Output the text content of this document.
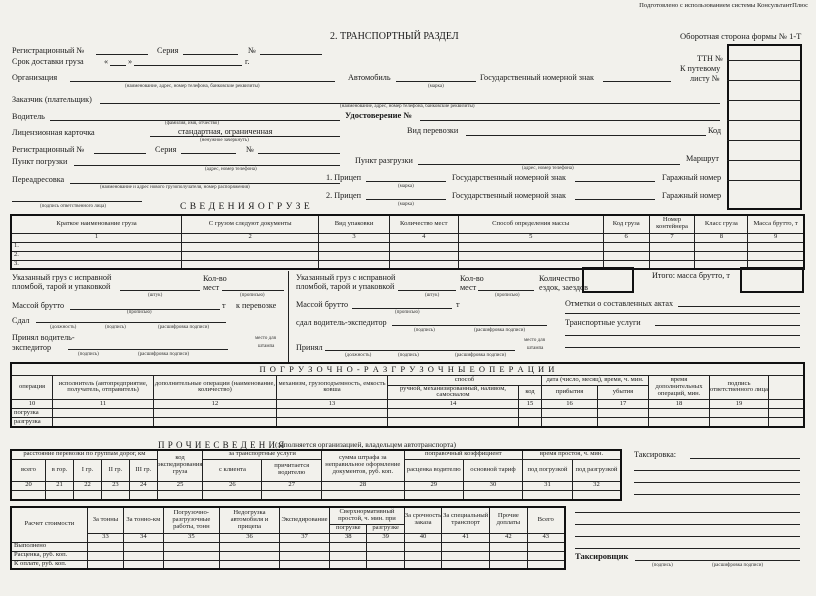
Подготовлено с использованием системы КонсультантПлюс
2. ТРАНСПОРТНЫЙ РАЗДЕЛ	Оборотная сторона формы № 1-Т
Регистрационный №	Серия	№
Срок доставки груза « »	г.	ТТН №
К путевому
листу №
Организация
(наименование, адрес, номер телефона, банковские реквизиты)
Автомобиль
(марка)
Государственный номерной знак
Заказчик (плательщик)
(наименование, адрес, номер телефона, банковские реквизиты)
Водитель
(фамилия, имя, отчество)
Удостоверение №
Лицензионная карточка	стандартная, ограниченная
(ненужное зачеркнуть)
Вид перевозки	Код
Регистрационный №	Серия	№
Пункт погрузки
(адрес, номер телефона)
Пункт разгрузки
(адрес, номер телефона)
Маршрут
Переадресовка
(наименование и адрес нового грузополучателя, номер распоряжения)
1. Прицеп
(марка)
Государственный номерной знак	Гаражный номер
(подпись ответственного лица)
2. Прицеп
(марка)
Государственный номерной знак	Гаражный номер
С В Е Д Е Н И Я О Г Р У З Е
Краткое наименование груза	С грузом следуют документы	Вид упаковки	Количество мест	Способ определения массы	Код груза	Номер контейнера	Класс груза	Масса брутто, т
1	2	3	4	5	6	7	8	9
1.								
2.								
3.								
Указанный груз с исправной
пломбой, тарой и упаковкой
(штук)
Кол-во
мест
(прописью)
Массой брутто
(прописью)
т к перевозке
Сдал
(должность)	(подпись)	(расшифровка подписи)
Принял водитель-
экспедитор
(подпись)	(расшифровка подписи)
место для
штампа
Указанный груз с исправной
пломбой, тарой и упаковкой
(штук)
Кол-во
мест
(прописью)
Количество
ездок, заездов
Массой брутто
(прописью)
т
сдал водитель-экспедитор
(подпись)	(расшифровка подписи)
Принял
(должность)	(подпись)	(расшифровка подписи)
место для
штампа
Итого: масса брутто, т
Отметки о составленных актах
Транспортные услуги
П О Г Р У З О Ч Н О - Р А З Г Р У З О Ч Н Ы Е О П Е Р А Ц И И										
операция	исполнитель (автопредприятие, получатель, отправитель)	дополнительные операции (наименование, количество)	механизм, грузоподъемность, емкость ковша	способ		дата (число, месяц), время, ч. мин.		время дополнительных операций, мин.	подпись ответственного лица	
				ручной, механизированный, наливом, самосвалом	код	прибытия	убытия			
10	11	12	13	14	15	16	17	18	19	
погрузка										
разгрузка										
П Р О Ч И Е С В Е Д Е Н И Я
(заполняется организацией, владельцем автотранспорта)
расстояние перевозки по группам дорог, км					код экспедирования груза	за транспортные услуги		сумма штрафа за неправильное оформление документов, руб. коп.	поправочный коэффициент		время простоя, ч. мин.	
всего	в гор.	I гр.	II гр.	III гр.		с клиента	причитается водителю		расценка водителю	основной тариф	под погрузкой	под разгрузкой
20	21	22	23	24	25	26	27	28	29	30	31	32

Таксировка:
Расчет стоимости	За тонны	За тонно-км	Погрузочно-разгрузочные работы, тонн	Недогрузка автомобиля и прицепа	Экспедирование	Сверхнормативный простой, ч. мин. при		За срочность заказа	За специальный транспорт	Прочие доплаты	Всего
						погрузке	разгрузке				
	33	34	35	36	37	38	39	40	41	42	43
Выполнено											
Расценка, руб. коп.											
К оплате, руб. коп.											
Таксировщик
(подпись)	(расшифровка подписи)
